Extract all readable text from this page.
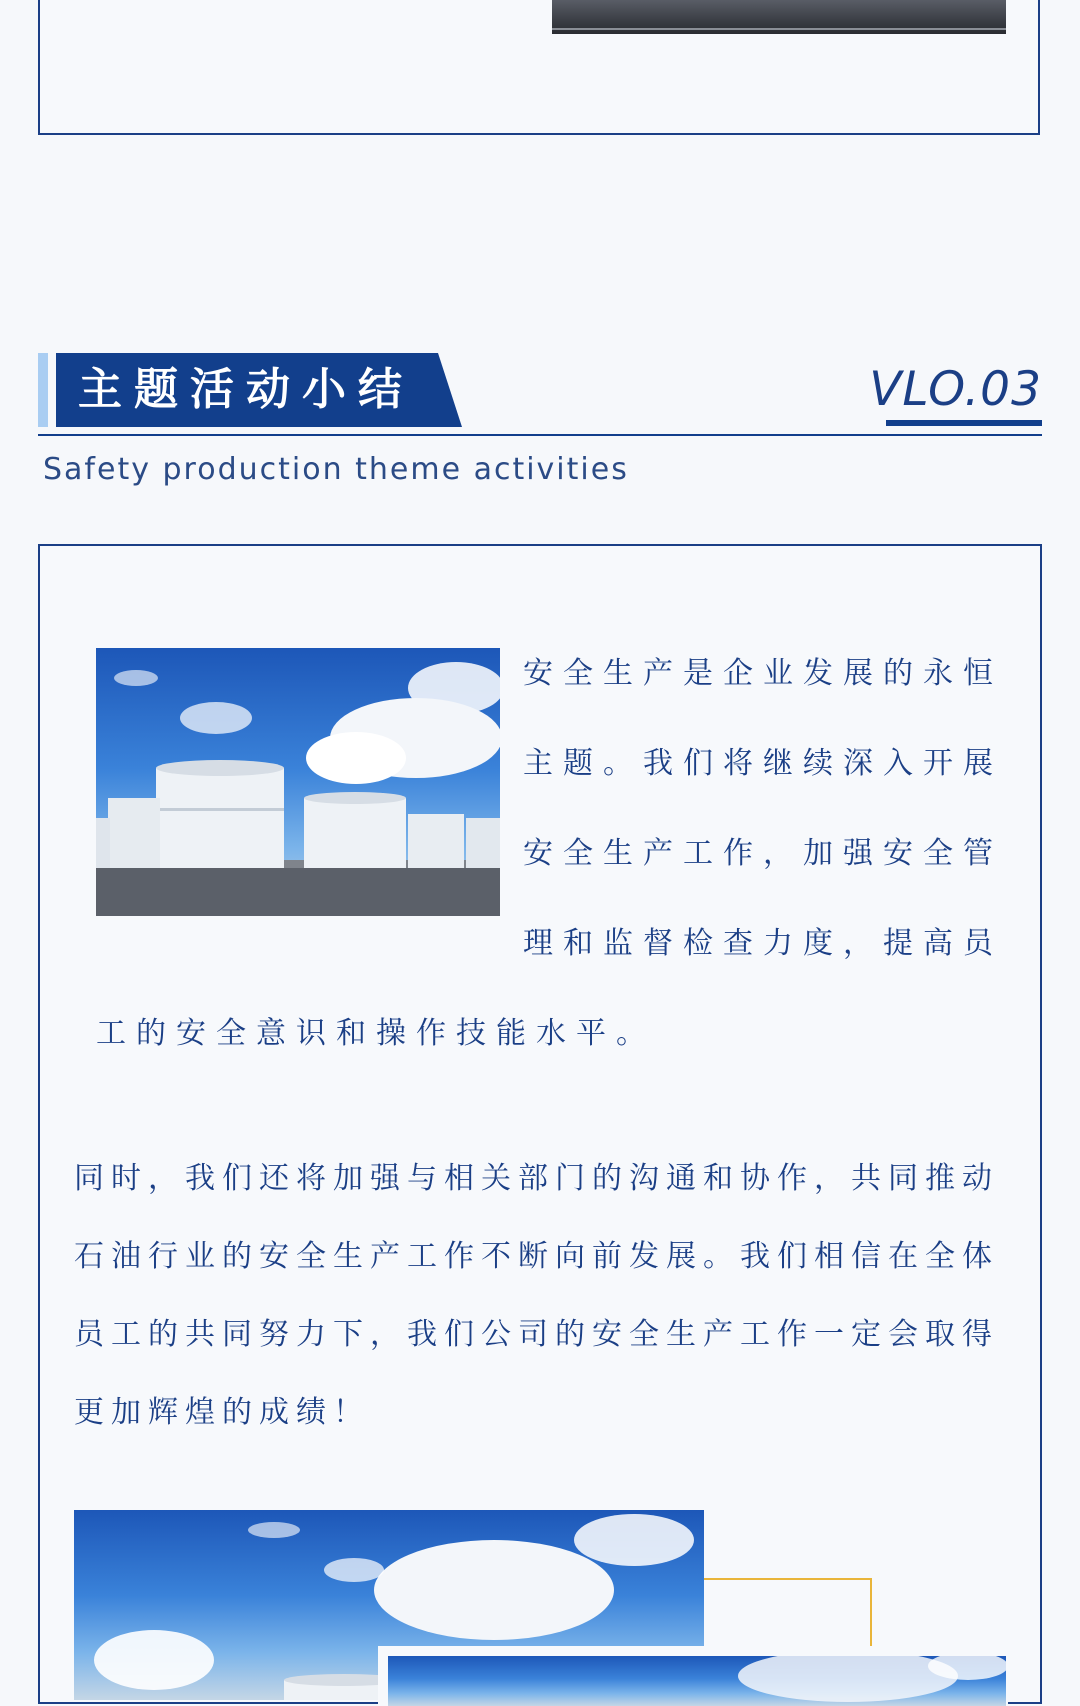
主题活动小结	VLO.03
Safety production theme activities
安全生产是企业发展的永恒
主题。我们将继续深入开展
安全生产工作，加强安全管
理和监督检查力度，提高员
工的安全意识和操作技能水平。
同时，我们还将加强与相关部门的沟通和协作，共同推动
石油行业的安全生产工作不断向前发展。我们相信在全体
员工的共同努力下，我们公司的安全生产工作一定会取得
更加辉煌的成绩！
